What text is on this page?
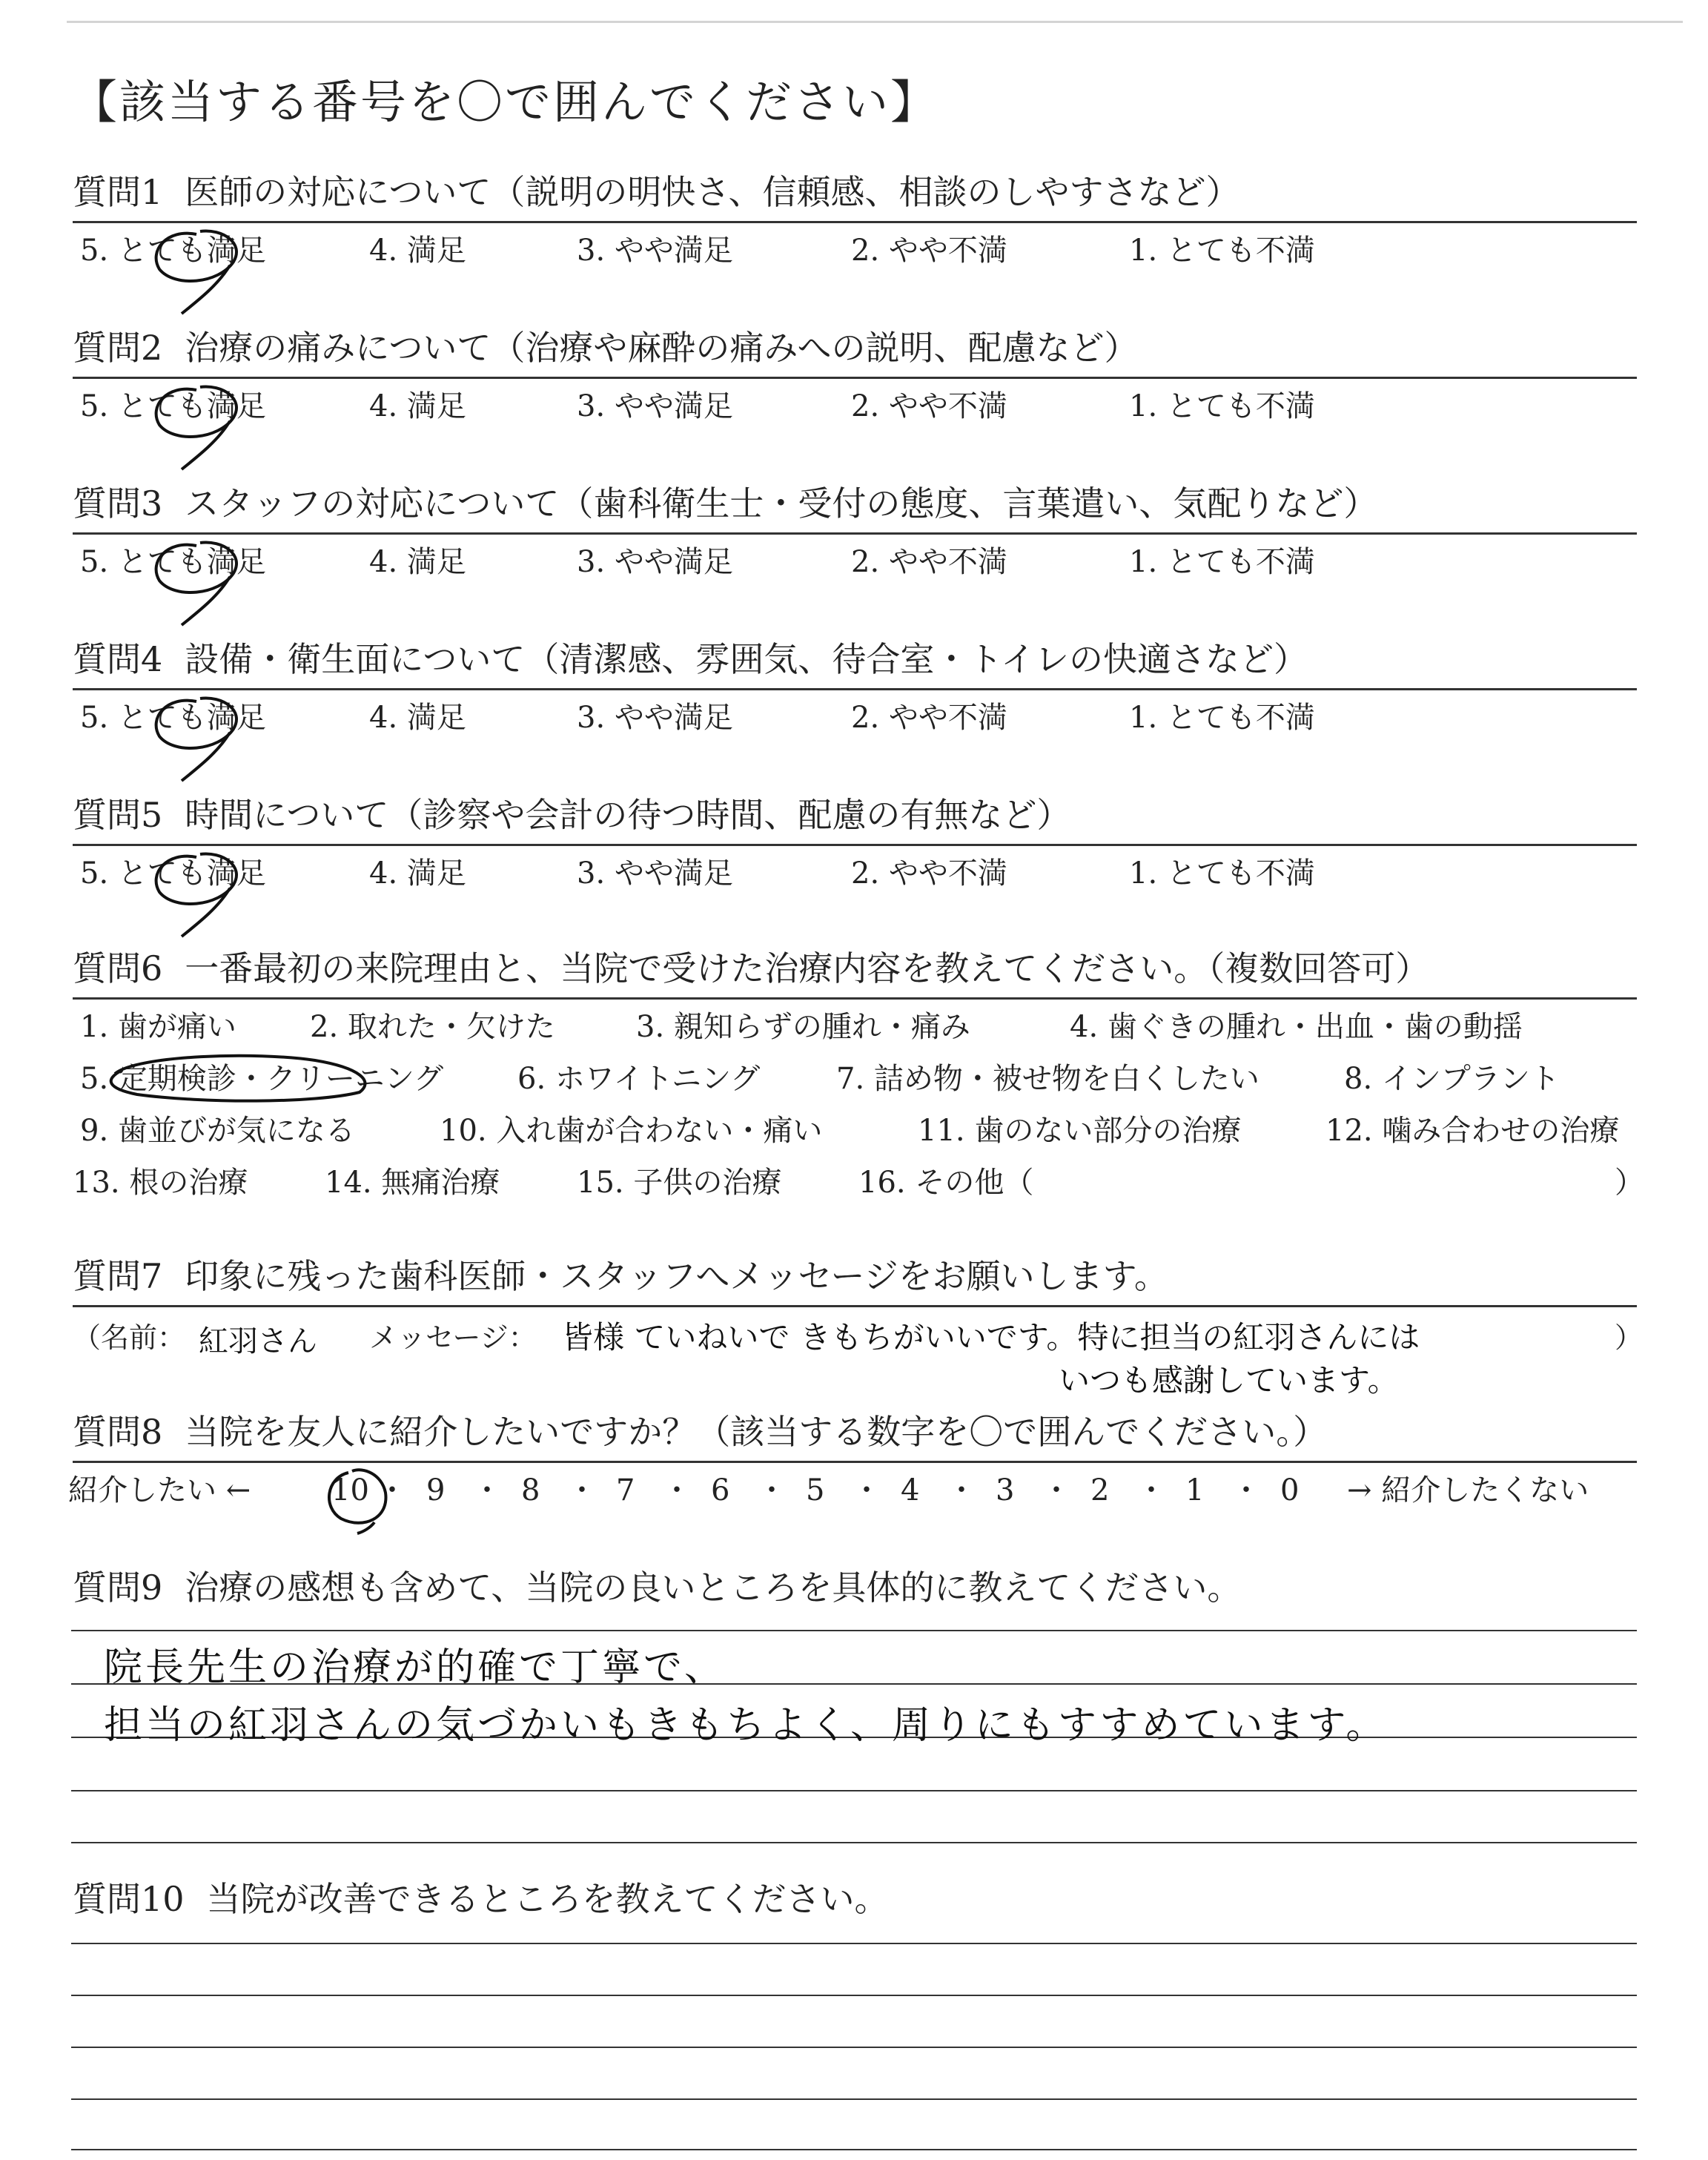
【該当する番号を〇で囲んでください】
質問1 医師の対応について（説明の明快さ、信頼感、相談のしやすさなど）
5. とても満足	4. 満足	3. やや満足	2. やや不満	1. とても不満
質問2 治療の痛みについて（治療や麻酔の痛みへの説明、配慮など）
5. とても満足	4. 満足	3. やや満足	2. やや不満	1. とても不満
質問3 スタッフの対応について（歯科衛生士・受付の態度、言葉遣い、気配りなど）
5. とても満足	4. 満足	3. やや満足	2. やや不満	1. とても不満
質問4 設備・衛生面について（清潔感、雰囲気、待合室・トイレの快適さなど）
5. とても満足	4. 満足	3. やや満足	2. やや不満	1. とても不満
質問5 時間について（診察や会計の待つ時間、配慮の有無など）
5. とても満足	4. 満足	3. やや満足	2. やや不満	1. とても不満
質問6 一番最初の来院理由と、当院で受けた治療内容を教えてください。（複数回答可）
1. 歯が痛い 2. 取れた・欠けた	3. 親知らずの腫れ・痛み	4. 歯ぐきの腫れ・出血・歯の動揺
5. 定期検診・クリーニング 6. ホワイトニング	7. 詰め物・被せ物を白くしたい	8. インプラント
9. 歯並びが気になる	10. 入れ歯が合わない・痛い	11. 歯のない部分の治療	12. 噛み合わせの治療
13. 根の治療	14. 無痛治療	15. 子供の治療	16. その他（	）
質問7 印象に残った歯科医師・スタッフへメッセージをお願いします。
（名前： 紅羽さん メッセージ： 皆様 ていねいで きもちがいいです。特に担当の紅羽さんには
いつも感謝しています。
）
質問8 当院を友人に紹介したいですか？（該当する数字を〇で囲んでください。）
紹介したい ←	→ 紹介したくない
10 ・ 9 ・ 8 ・ 7 ・ 6 ・ 5 ・ 4 ・ 3 ・ 2 ・ 1 ・ 0
質問9 治療の感想も含めて、当院の良いところを具体的に教えてください。
院長先生の治療が的確で丁寧で、
担当の紅羽さんの気づかいもきもちよく、周りにもすすめています。
質問10 当院が改善できるところを教えてください。
